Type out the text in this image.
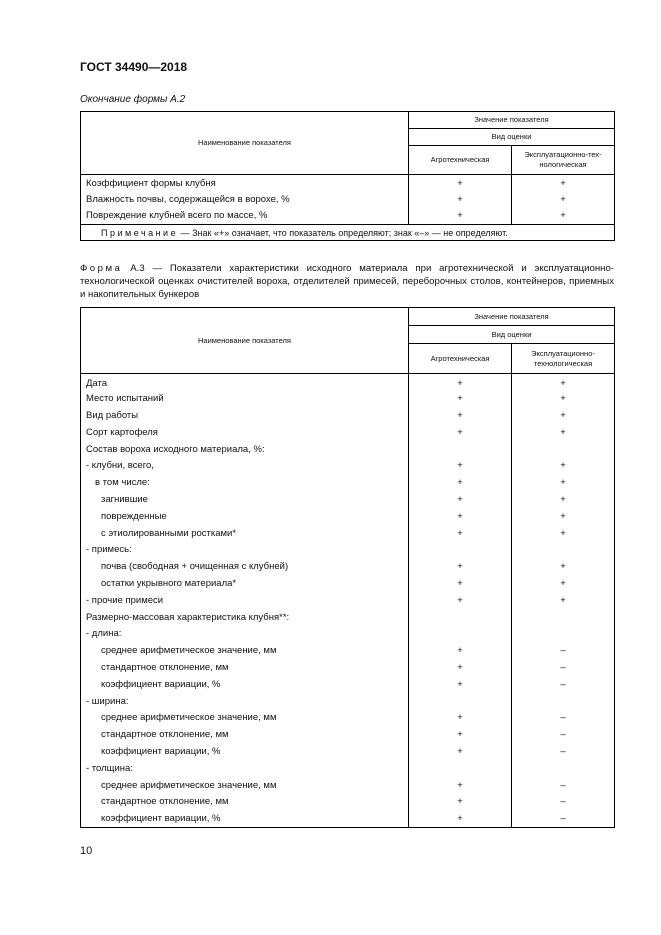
ГОСТ 34490—2018
Окончание формы А.2
Наименование показателя	Значение показателя	
	Вид оценки	
	Агротехническая	Эксплуатационно-тех-нологическая
Коэффициент формы клубня	+	+
Влажность почвы, содержащейся в ворохе, %	+	+
Повреждение клубней всего по массе, %	+	+
Примечание — Знак «+» означает, что показатель определяют; знак «–» — не определяют.		
Форма А.3 — Показатели характеристики исходного материала при агротехнической и эксплуатационно-технологической оценках очистителей вороха, отделителей примесей, переборочных столов, контейнеров, приемных и накопительных бункеров
Наименование показателя	Значение показателя	
	Вид оценки	
	Агротехническая	Эксплуатационно-технологическая
Дата	+	+
Место испытаний	+	+
Вид работы	+	+
Сорт картофеля	+	+
Состав вороха исходного материала, %:		
- клубни, всего,	+	+
в том числе:	+	+
загнившие	+	+
поврежденные	+	+
с этиолированными ростками*	+	+
- примесь:		
почва (свободная + очищенная с клубней)	+	+
остатки укрывного материала*	+	+
- прочие примеси	+	+
Размерно-массовая характеристика клубня**:		
- длина:		
среднее арифметическое значение, мм	+	–
стандартное отклонение, мм	+	–
коэффициент вариации, %	+	–
- ширина:		
среднее арифметическое значение, мм	+	–
стандартное отклонение, мм	+	–
коэффициент вариации, %	+	–
- толщина:		
среднее арифметическое значение, мм	+	–
стандартное отклонение, мм	+	–
коэффициент вариации, %	+	–
10
